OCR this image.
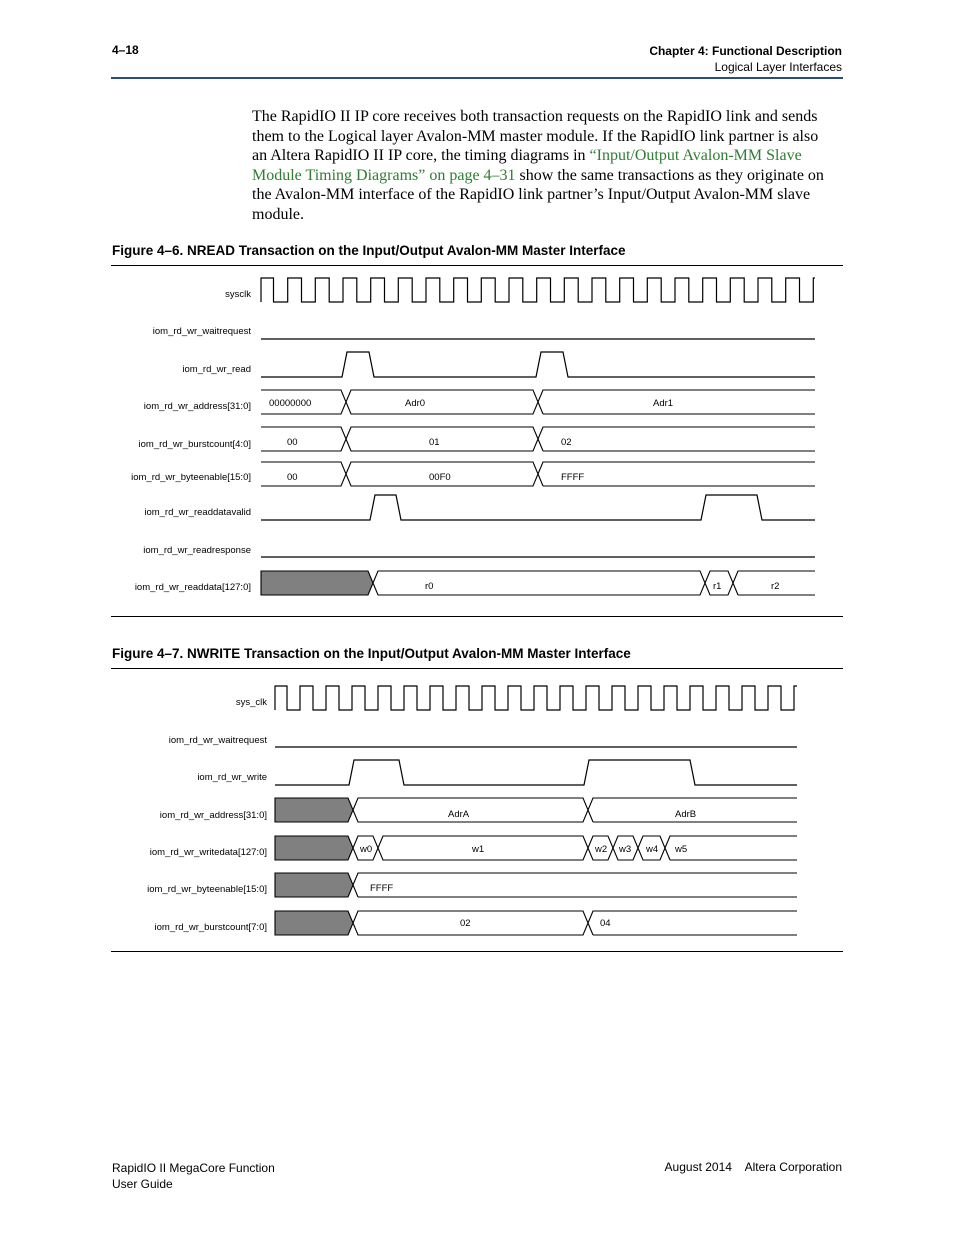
4–18	Chapter 4: Functional Description
Logical Layer Interfaces
The RapidIO II IP core receives both transaction requests on the RapidIO link and sends them to the Logical layer Avalon-MM master module. If the RapidIO link partner is also an Altera RapidIO II IP core, the timing diagrams in “Input/Output Avalon-MM Slave Module Timing Diagrams” on page 4–31 show the same transactions as they originate on the Avalon-MM interface of the RapidIO link partner’s Input/Output Avalon-MM slave module.
Figure 4–6. NREAD Transaction on the Input/Output Avalon-MM Master Interface
sysclk
iom_rd_wr_waitrequest
iom_rd_wr_read
iom_rd_wr_address[31:0]
iom_rd_wr_burstcount[4:0]
iom_rd_wr_byteenable[15:0]
iom_rd_wr_readdatavalid
iom_rd_wr_readresponse
iom_rd_wr_readdata[127:0]
00000000	Adr0	Adr1
00	01	02
00	00F0	FFFF
r0	r1	r2
Figure 4–7. NWRITE Transaction on the Input/Output Avalon-MM Master Interface
sys_clk
iom_rd_wr_waitrequest
iom_rd_wr_write
iom_rd_wr_address[31:0]
iom_rd_wr_writedata[127:0]
iom_rd_wr_byteenable[15:0]
iom_rd_wr_burstcount[7:0]
AdrA	AdrB
w0	w1	w2 w3 w4 w5
FFFF
02	04
RapidIO II MegaCore Function
User Guide
August 2014    Altera Corporation
